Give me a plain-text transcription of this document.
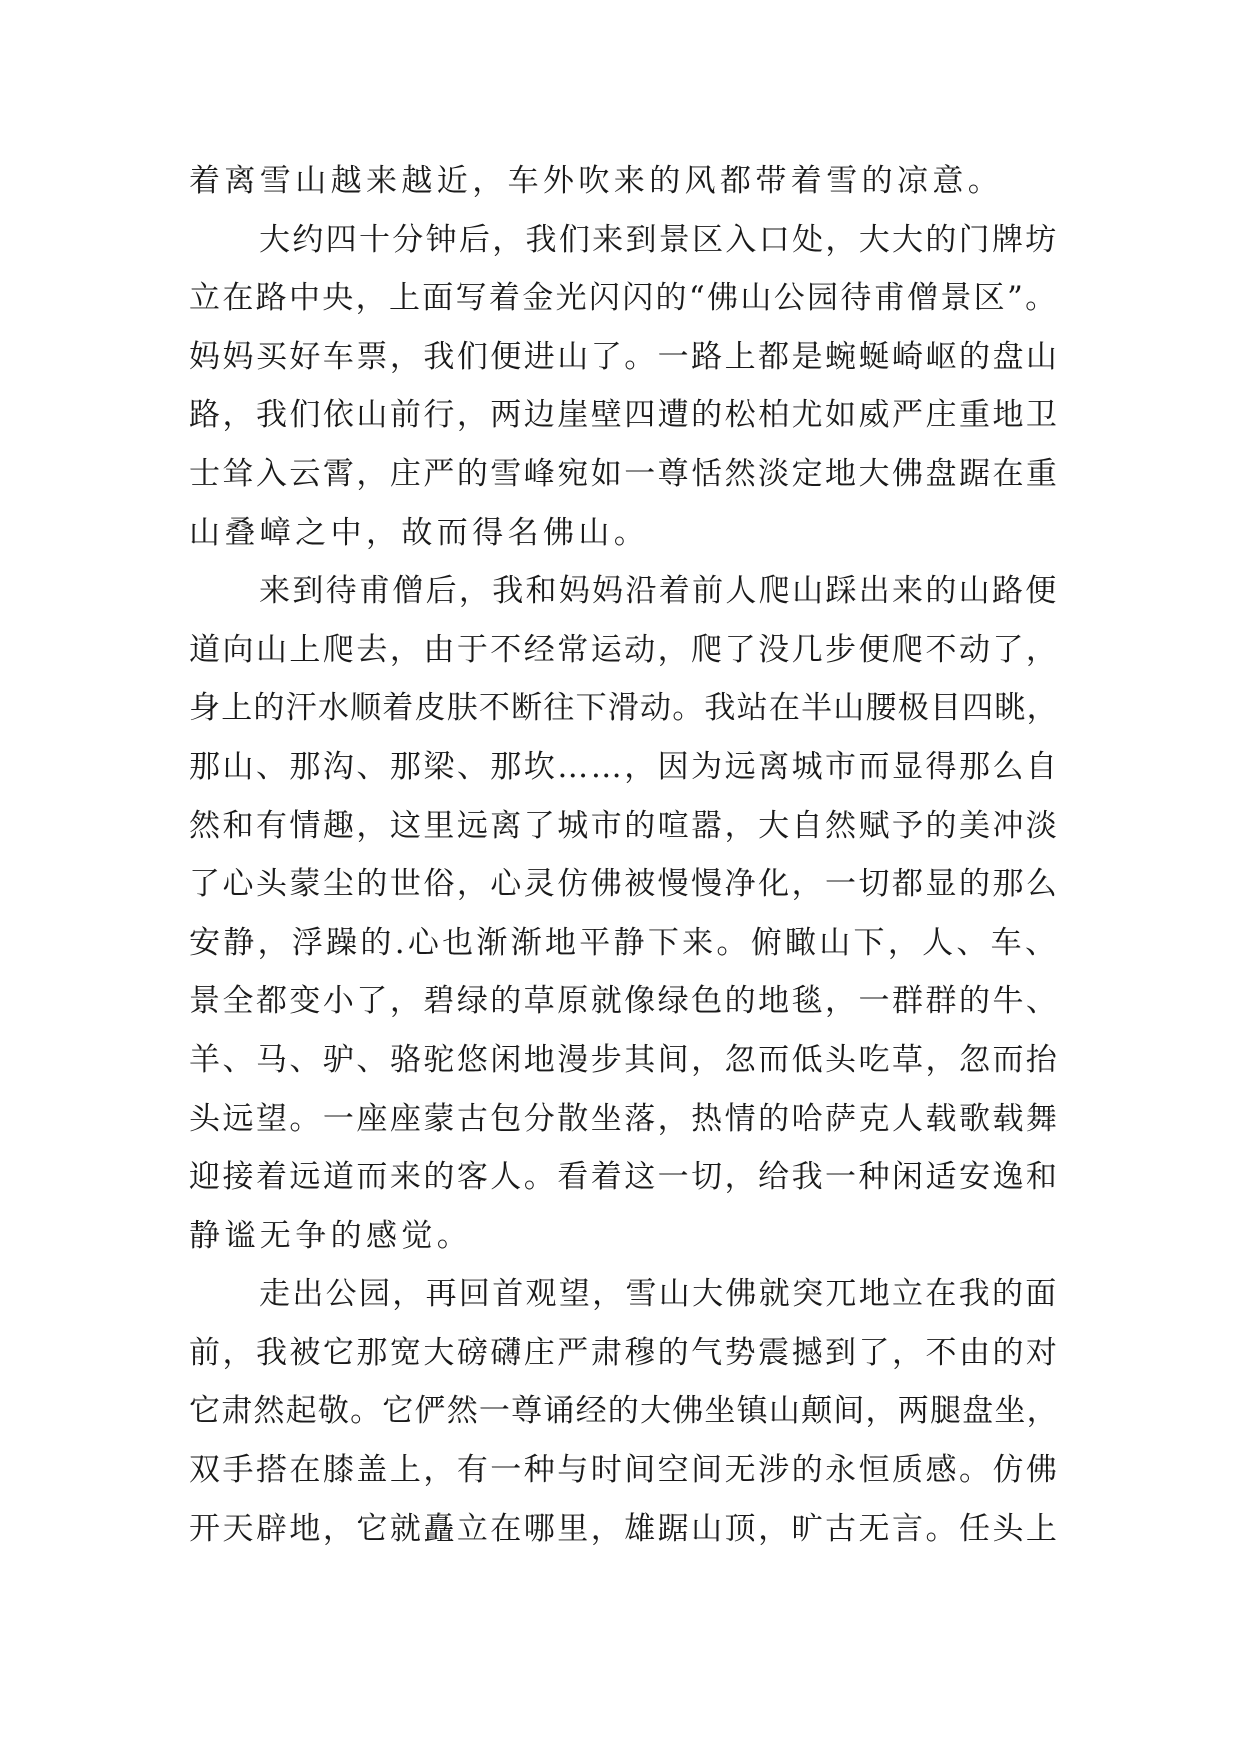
着离雪山越来越近，车外吹来的风都带着雪的凉意。
大约四十分钟后，我们来到景区入口处，大大的门牌坊
立在路中央，上面写着金光闪闪的“佛山公园待甫僧景区”。
妈妈买好车票，我们便进山了。一路上都是蜿蜒崎岖的盘山
路，我们依山前行，两边崖壁四遭的松柏尤如威严庄重地卫
士耸入云霄，庄严的雪峰宛如一尊恬然淡定地大佛盘踞在重
山叠嶂之中，故而得名佛山。
来到待甫僧后，我和妈妈沿着前人爬山踩出来的山路便
道向山上爬去，由于不经常运动，爬了没几步便爬不动了，
身上的汗水顺着皮肤不断往下滑动。我站在半山腰极目四眺，
那山、那沟、那梁、那坎……，因为远离城市而显得那么自
然和有情趣，这里远离了城市的喧嚣，大自然赋予的美冲淡
了心头蒙尘的世俗，心灵仿佛被慢慢净化，一切都显的那么
安静，浮躁的.心也渐渐地平静下来。俯瞰山下，人、车、
景全都变小了，碧绿的草原就像绿色的地毯，一群群的牛、
羊、马、驴、骆驼悠闲地漫步其间，忽而低头吃草，忽而抬
头远望。一座座蒙古包分散坐落，热情的哈萨克人载歌载舞
迎接着远道而来的客人。看着这一切，给我一种闲适安逸和
静谧无争的感觉。
走出公园，再回首观望，雪山大佛就突兀地立在我的面
前，我被它那宽大磅礴庄严肃穆的气势震撼到了，不由的对
它肃然起敬。它俨然一尊诵经的大佛坐镇山颠间，两腿盘坐，
双手搭在膝盖上，有一种与时间空间无涉的永恒质感。仿佛
开天辟地，它就矗立在哪里，雄踞山顶，旷古无言。任头上
